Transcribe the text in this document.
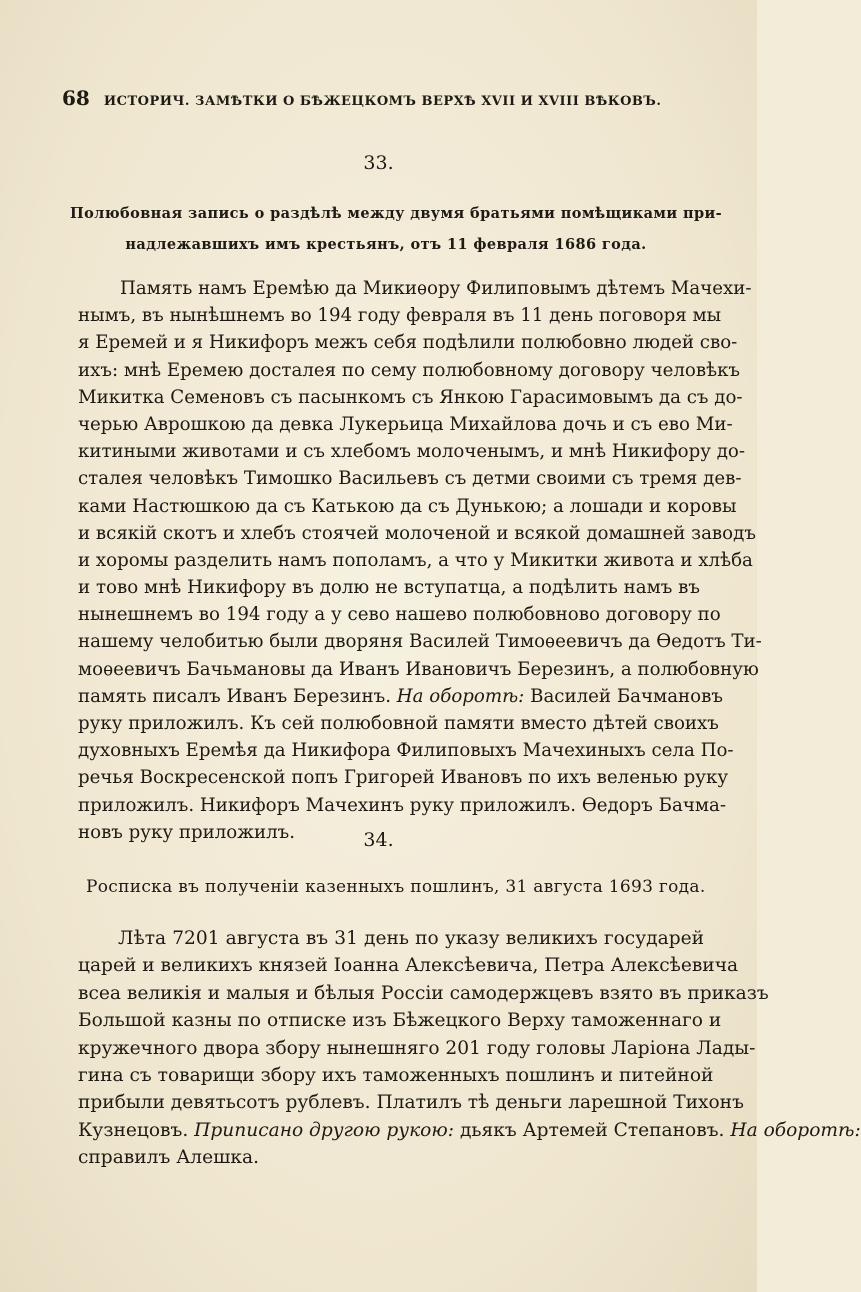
68 ИСТОРИЧ. ЗАМѢТКИ О БѢЖЕЦКОМЪ ВЕРХѢ XVII И XVIII ВѢКОВЪ.
33.
Полюбовная запись о раздѣлѣ между двумя братьями помѣщиками при-
надлежавшихъ имъ крестьянъ, отъ 11 февраля 1686 года.
Память намъ Еремѣю да Микиѳору Филиповымъ дѣтемъ Мачехи-
нымъ, въ нынѣшнемъ во 194 году февраля въ 11 день поговоря мы
я Еремей и я Никифоръ межъ себя подѣлили полюбовно людей сво-
ихъ: мнѣ Еремею досталея по сему полюбовному договору человѣкъ
Микитка Семеновъ съ пасынкомъ съ Янкою Гарасимовымъ да съ до-
черью Аврошкою да девка Лукерьица Михайлова дочь и съ ево Ми-
китиными животами и съ хлебомъ молоченымъ, и мнѣ Никифору до-
сталея человѣкъ Тимошко Васильевъ съ детми своими съ тремя дев-
ками Настюшкою да съ Катькою да съ Дунькою; а лошади и коровы
и всякій скотъ и хлебъ стоячей молоченой и всякой домашней заводъ
и хоромы разделить намъ пополамъ, а что у Микитки живота и хлѣба
и тово мнѣ Никифору въ долю не вступатца, а подѣлить намъ въ
нынешнемъ во 194 году а у сево нашево полюбовново договору по
нашему челобитью были дворяня Василей Тимоѳеевичъ да Ѳедотъ Ти-
моѳеевичъ Бачьмановы да Иванъ Ивановичъ Березинъ, а полюбовную
память писалъ Иванъ Березинъ. На оборотѣ: Василей Бачмановъ
руку приложилъ. Къ сей полюбовной памяти вместо дѣтей своихъ
духовныхъ Еремѣя да Никифора Филиповыхъ Мачехиныхъ села По-
речья Воскресенской попъ Григорей Ивановъ по ихъ веленью руку
приложилъ. Никифоръ Мачехинъ руку приложилъ. Ѳедоръ Бачма-
новъ руку приложилъ.	34.
Росписка въ полученіи казенныхъ пошлинъ, 31 августа 1693 года.
Лѣта 7201 августа въ 31 день по указу великихъ государей
царей и великихъ князей Іоанна Алексѣевича, Петра Алексѣевича
всеа великія и малыя и бѣлыя Россіи самодержцевъ взято въ приказъ
Большой казны по отписке изъ Бѣжецкого Верху таможеннаго и
кружечного двора збору нынешняго 201 году головы Ларіона Лады-
гина съ товарищи збору ихъ таможенныхъ пошлинъ и питейной
прибыли девятьсотъ рублевъ. Платилъ тѣ деньги ларешной Тихонъ
Кузнецовъ. Приписано другою рукою: дьякъ Артемей Степановъ. На оборотѣ:
справилъ Алешка.
